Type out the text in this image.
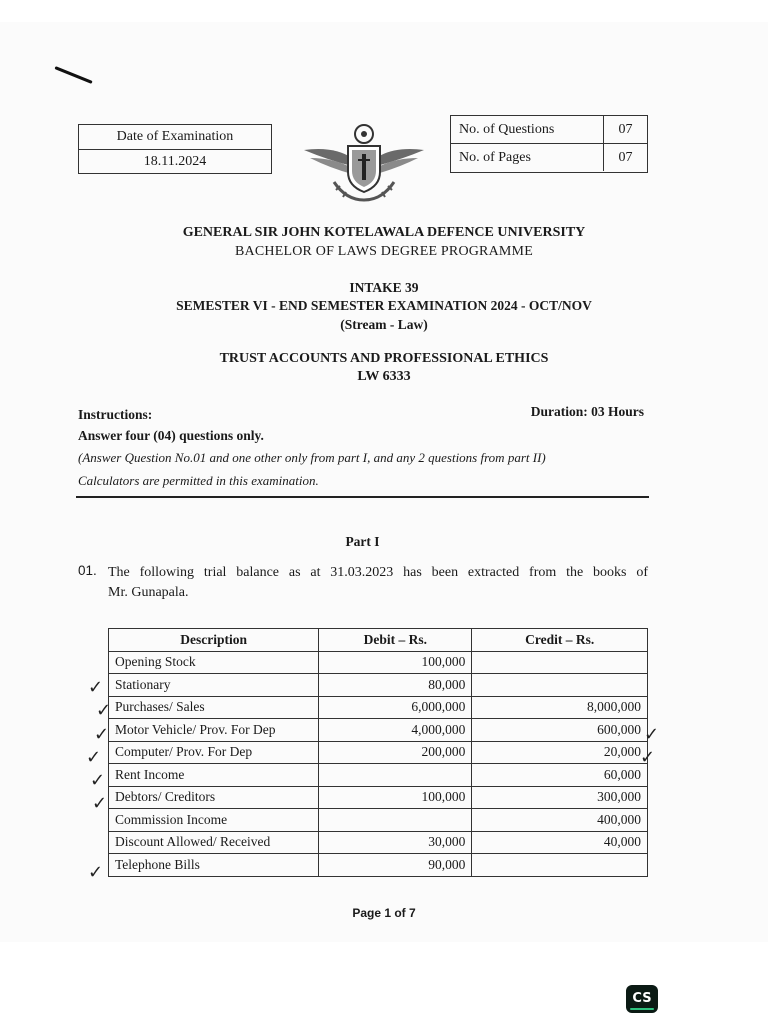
Date of Examination
18.11.2024
No. of Questions	07
No. of Pages	07
GENERAL SIR JOHN KOTELAWALA DEFENCE UNIVERSITY
BACHELOR OF LAWS DEGREE PROGRAMME
INTAKE 39
SEMESTER VI - END SEMESTER EXAMINATION 2024 - OCT/NOV
(Stream - Law)
TRUST ACCOUNTS AND PROFESSIONAL ETHICS
LW 6333
Instructions:	Duration: 03 Hours
Answer four (04) questions only.
(Answer Question No.01 and one other only from part I, and any 2 questions from part II)
Calculators are permitted in this examination.
Part I
01. The following trial balance as at 31.03.2023 has been extracted from the books of
Mr. Gunapala.
Description	Debit – Rs.	Credit – Rs.
Opening Stock	100,000	
Stationary	80,000	
Purchases/ Sales	6,000,000	8,000,000
Motor Vehicle/ Prov. For Dep	4,000,000	600,000
Computer/ Prov. For Dep	200,000	20,000
Rent Income		60,000
Debtors/ Creditors	100,000	300,000
Commission Income		400,000
Discount Allowed/ Received	30,000	40,000
Telephone Bills	90,000	
✓
✓
✓
✓
✓
✓
✓
✓
✓
Page 1 of 7
CS
